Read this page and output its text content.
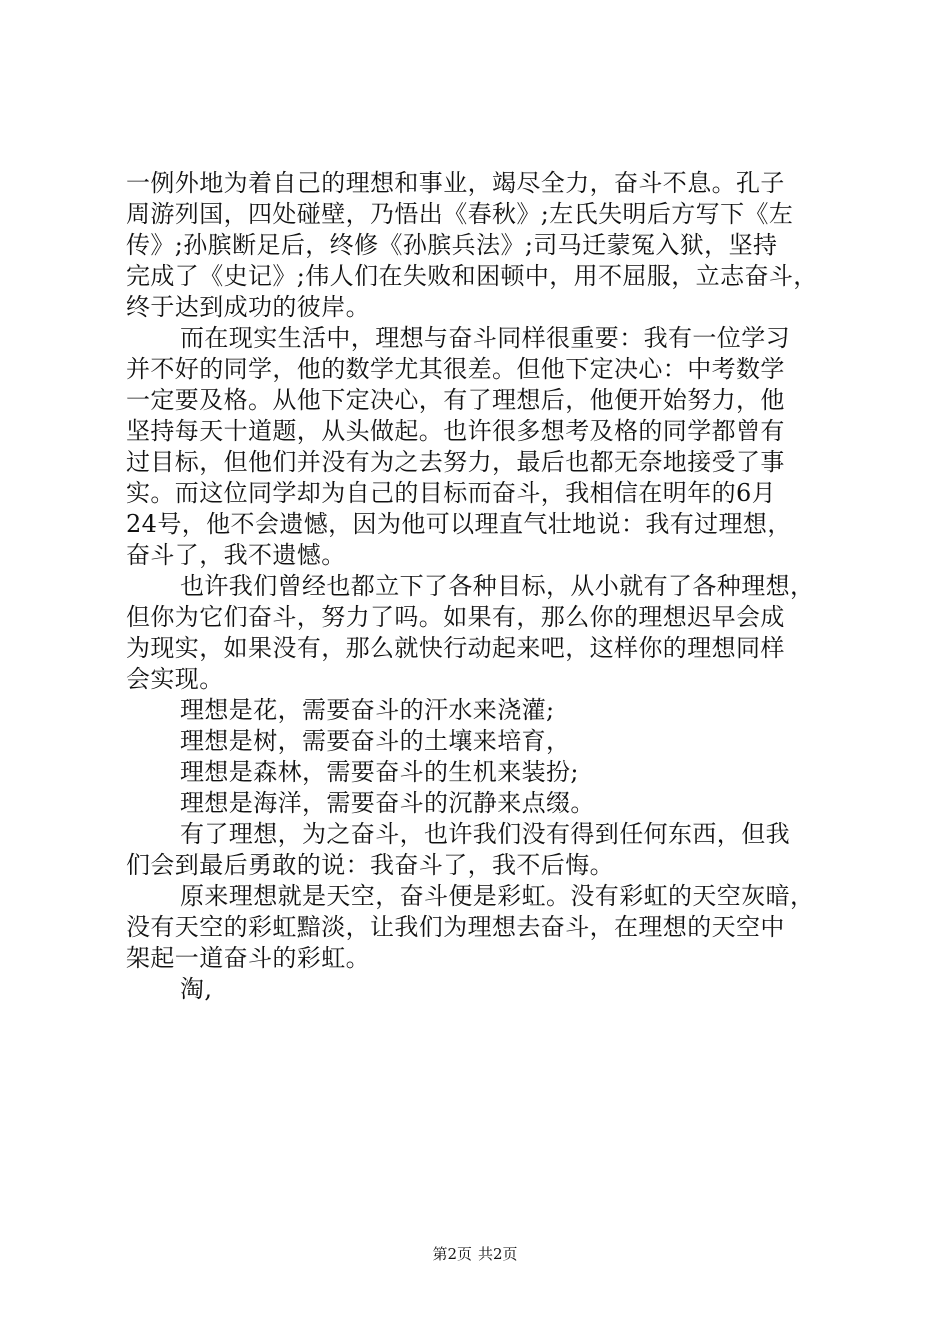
一例外地为着自己的理想和事业，竭尽全力，奋斗不息。孔子
周游列国，四处碰壁，乃悟出《春秋》;左氏失明后方写下《左
传》;孙膑断足后，终修《孙膑兵法》;司马迁蒙冤入狱，坚持
完成了《史记》;伟人们在失败和困顿中，用不屈服，立志奋斗，
终于达到成功的彼岸。
而在现实生活中，理想与奋斗同样很重要：我有一位学习
并不好的同学，他的数学尤其很差。但他下定决心：中考数学
一定要及格。从他下定决心，有了理想后，他便开始努力，他
坚持每天十道题，从头做起。也许很多想考及格的同学都曾有
过目标，但他们并没有为之去努力，最后也都无奈地接受了事
实。而这位同学却为自己的目标而奋斗，我相信在明年的6月
24号，他不会遗憾，因为他可以理直气壮地说：我有过理想，
奋斗了，我不遗憾。
也许我们曾经也都立下了各种目标，从小就有了各种理想，
但你为它们奋斗，努力了吗。如果有，那么你的理想迟早会成
为现实，如果没有，那么就快行动起来吧，这样你的理想同样
会实现。
理想是花，需要奋斗的汗水来浇灌;
理想是树，需要奋斗的土壤来培育，
理想是森林，需要奋斗的生机来装扮;
理想是海洋，需要奋斗的沉静来点缀。
有了理想，为之奋斗，也许我们没有得到任何东西，但我
们会到最后勇敢的说：我奋斗了，我不后悔。
原来理想就是天空，奋斗便是彩虹。没有彩虹的天空灰暗，
没有天空的彩虹黯淡，让我们为理想去奋斗，在理想的天空中
架起一道奋斗的彩虹。
淘,
第2页 共2页
